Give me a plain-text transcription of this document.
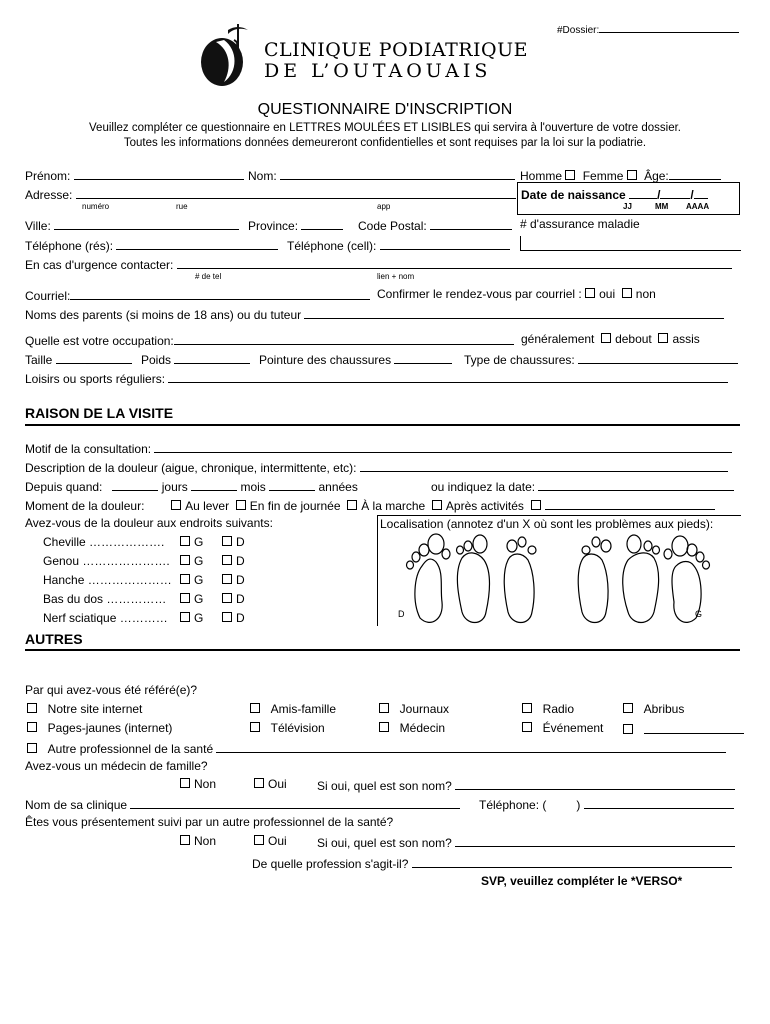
#Dossier:
CLINIQUE PODIATRIQUE
DE L’OUTAOUAIS
QUESTIONNAIRE D'INSCRIPTION
Veuillez compléter ce questionnaire en LETTRES MOULÉES ET LISIBLES qui servira à l'ouverture de votre dossier.
Toutes les informations données demeureront confidentielles et sont requises par la loi sur la podiatrie.
Prénom:	Nom:	Homme Femme Âge:
Adresse:
numéro	rue	app
Date de naissance	/	/
JJ	MM AAAA
Ville:	Province:	Code Postal:	# d'assurance maladie
Téléphone (rés):	Téléphone (cell):
En cas d'urgence contacter:
# de tel	lien + nom
Courriel:	Confirmer le rendez-vous par courriel : oui non
Noms des parents (si moins de 18 ans) ou du tuteur
Quelle est votre occupation:	généralement debout assis
Taille	Poids	Pointure des chaussures	Type de chaussures:
Loisirs ou sports réguliers:
RAISON DE LA VISITE
Motif de la consultation:
Description de la douleur (aigue, chronique, intermittente, etc):
Depuis quand:	jours	mois	années	ou indiquez la date:
Moment de la douleur:	Au lever En fin de journée À la marche Après activités
Avez-vous de la douleur aux endroits suivants:
Cheville ……………….	G	D
Genou ………………….	G	D
Hanche …………………	G	D
Bas du dos ……………	G	D
Nerf sciatique …………	G	D
Localisation (annotez d'un X où sont les problèmes aux pieds):
D	G
AUTRES
Par qui avez-vous été référé(e)?
Notre site internet	Amis-famille	Journaux	Radio	Abribus
Pages-jaunes (internet)	Télévision	Médecin	Événement

Autre professionnel de la santé
Avez-vous un médecin de famille?
Non	Oui	Si oui, quel est son nom?
Nom de sa clinique	Téléphone: (	)
Êtes vous présentement suivi par un autre professionnel de la santé?
Non	Oui	Si oui, quel est son nom?
De quelle profession s'agit-il?
SVP, veuillez compléter le *VERSO*
